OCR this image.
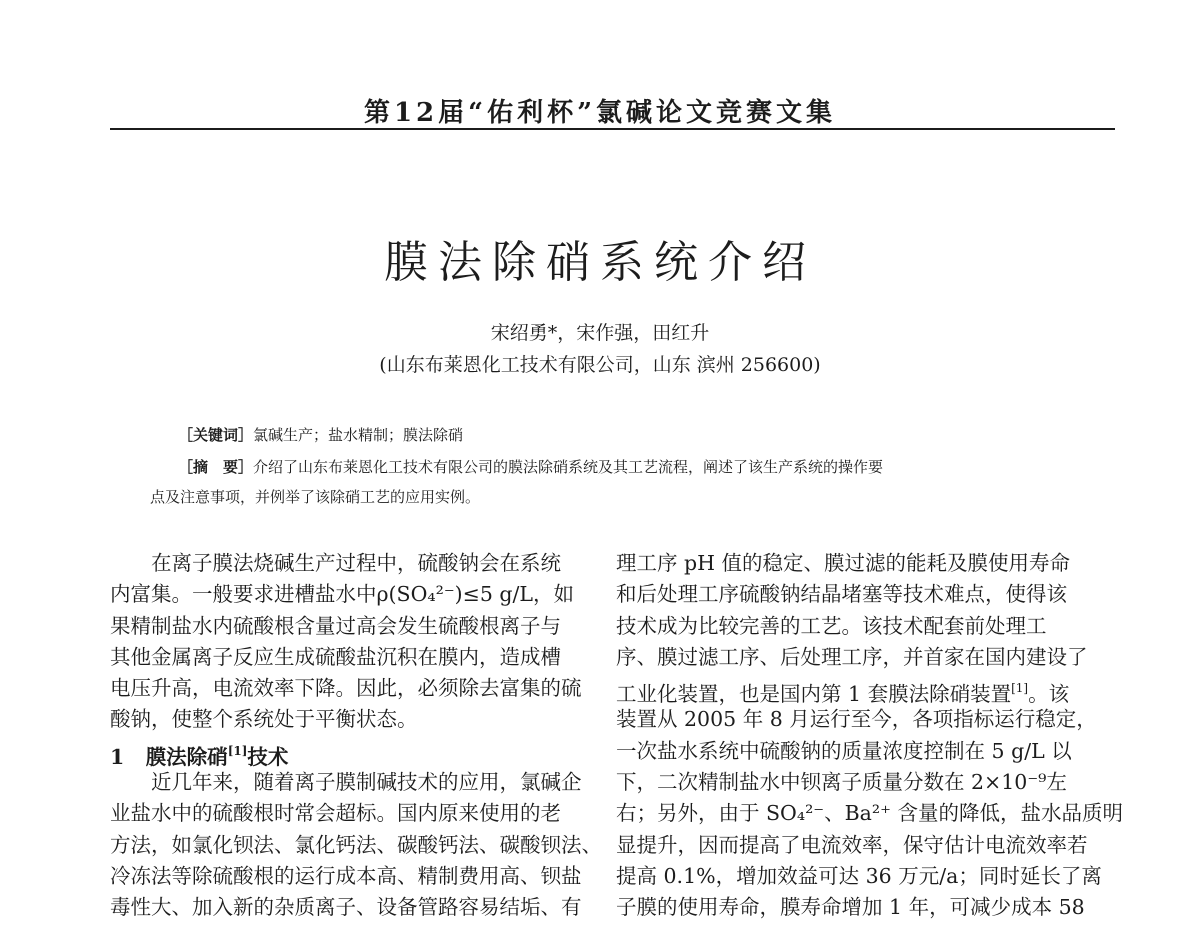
第12届“佑利杯”氯碱论文竞赛文集
膜法除硝系统介绍
宋绍勇*，宋作强，田红升
(山东布莱恩化工技术有限公司，山东 滨州 256600)
［关键词］氯碱生产；盐水精制；膜法除硝
［摘　要］介绍了山东布莱恩化工技术有限公司的膜法除硝系统及其工艺流程，阐述了该生产系统的操作要
点及注意事项，并例举了该除硝工艺的应用实例。
在离子膜法烧碱生产过程中，硫酸钠会在系统
内富集。一般要求进槽盐水中ρ(SO₄²⁻)≤5 g/L，如
果精制盐水内硫酸根含量过高会发生硫酸根离子与
其他金属离子反应生成硫酸盐沉积在膜内，造成槽
电压升高，电流效率下降。因此，必须除去富集的硫
酸钠，使整个系统处于平衡状态。
1 膜法除硝[1]技术
近几年来，随着离子膜制碱技术的应用，氯碱企
业盐水中的硫酸根时常会超标。国内原来使用的老
方法，如氯化钡法、氯化钙法、碳酸钙法、碳酸钡法、
冷冻法等除硫酸根的运行成本高、精制费用高、钡盐
毒性大、加入新的杂质离子、设备管路容易结垢、有
理工序 pH 值的稳定、膜过滤的能耗及膜使用寿命
和后处理工序硫酸钠结晶堵塞等技术难点，使得该
技术成为比较完善的工艺。该技术配套前处理工
序、膜过滤工序、后处理工序，并首家在国内建设了
工业化装置，也是国内第 1 套膜法除硝装置[1]。该
装置从 2005 年 8 月运行至今，各项指标运行稳定，
一次盐水系统中硫酸钠的质量浓度控制在 5 g/L 以
下，二次精制盐水中钡离子质量分数在 2×10⁻⁹左
右；另外，由于 SO₄²⁻、Ba²⁺ 含量的降低，盐水品质明
显提升，因而提高了电流效率，保守估计电流效率若
提高 0.1%，增加效益可达 36 万元/a；同时延长了离
子膜的使用寿命，膜寿命增加 1 年，可减少成本 58
